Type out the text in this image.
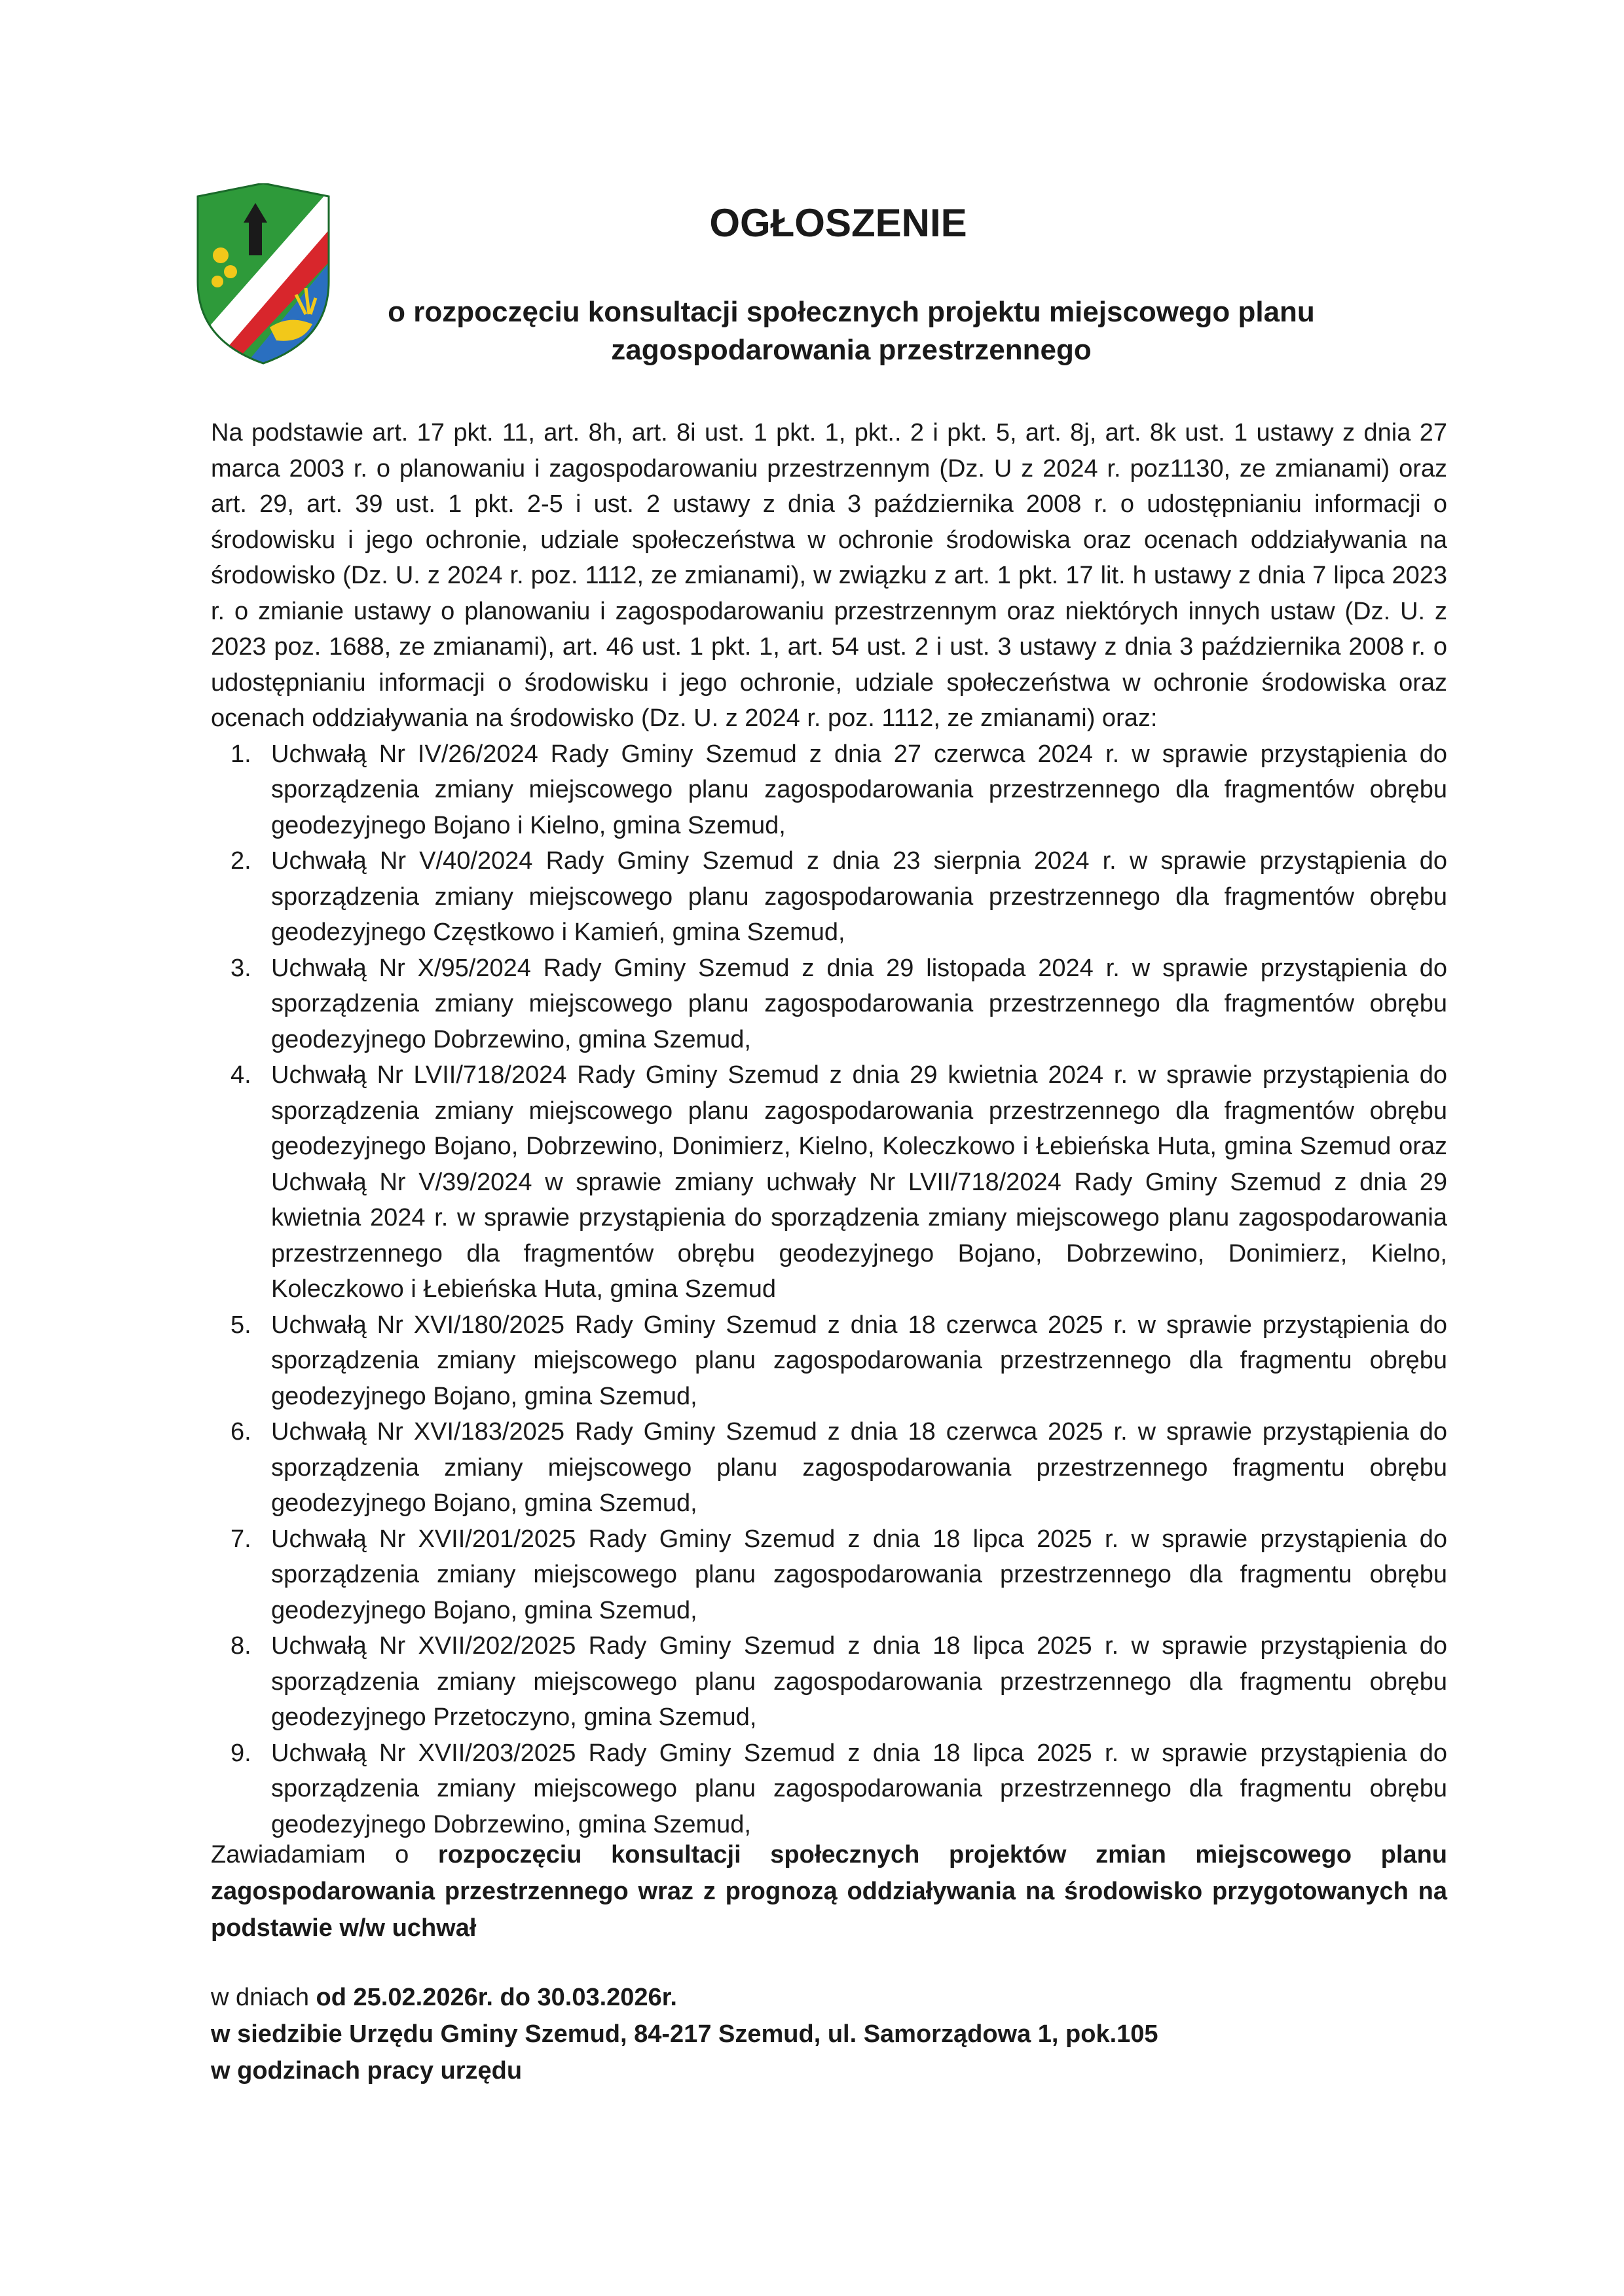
OGŁOSZENIE
o rozpoczęciu konsultacji społecznych projektu miejscowego planu
zagospodarowania przestrzennego

Na podstawie art. 17 pkt. 11, art. 8h, art. 8i ust. 1 pkt. 1, pkt.. 2 i pkt. 5, art. 8j, art. 8k ust. 1 ustawy z dnia 27 marca 2003 r. o planowaniu i zagospodarowaniu przestrzennym (Dz. U z 2024 r. poz1130, ze zmianami) oraz art. 29, art. 39 ust. 1 pkt. 2-5 i ust. 2 ustawy z dnia 3 października 2008 r. o udostępnianiu informacji o środowisku i jego ochronie, udziale społeczeństwa w ochronie środowiska oraz ocenach oddziaływania na środowisko (Dz. U. z 2024 r. poz. 1112, ze zmianami), w związku z art. 1 pkt. 17 lit. h ustawy z dnia 7 lipca 2023 r. o zmianie ustawy o planowaniu i zagospodarowaniu przestrzennym oraz niektórych innych ustaw (Dz. U. z 2023 poz. 1688, ze zmianami), art. 46 ust. 1 pkt. 1, art. 54 ust. 2 i ust. 3 ustawy z dnia 3 października 2008 r. o udostępnianiu informacji o środowisku i jego ochronie, udziale społeczeństwa w ochronie środowiska oraz ocenach oddziaływania na środowisko (Dz. U. z 2024 r. poz. 1112, ze zmianami) oraz:

1. Uchwałą Nr IV/26/2024 Rady Gminy Szemud z dnia 27 czerwca 2024 r. w sprawie przystąpienia do sporządzenia zmiany miejscowego planu zagospodarowania przestrzennego dla fragmentów obrębu geodezyjnego Bojano i Kielno, gmina Szemud,
2. Uchwałą Nr V/40/2024 Rady Gminy Szemud z dnia 23 sierpnia 2024 r. w sprawie przystąpienia do sporządzenia zmiany miejscowego planu zagospodarowania przestrzennego dla fragmentów obrębu geodezyjnego Częstkowo i Kamień, gmina Szemud,
3. Uchwałą Nr X/95/2024 Rady Gminy Szemud z dnia 29 listopada 2024 r. w sprawie przystąpienia do sporządzenia zmiany miejscowego planu zagospodarowania przestrzennego dla fragmentów obrębu geodezyjnego Dobrzewino, gmina Szemud,
4. Uchwałą Nr LVII/718/2024 Rady Gminy Szemud z dnia 29 kwietnia 2024 r. w sprawie przystąpienia do sporządzenia zmiany miejscowego planu zagospodarowania przestrzennego dla fragmentów obrębu geodezyjnego Bojano, Dobrzewino, Donimierz, Kielno, Koleczkowo i Łebieńska Huta, gmina Szemud oraz Uchwałą Nr V/39/2024 w sprawie zmiany uchwały Nr LVII/718/2024 Rady Gminy Szemud z dnia 29 kwietnia 2024 r. w sprawie przystąpienia do sporządzenia zmiany miejscowego planu zagospodarowania przestrzennego dla fragmentów obrębu geodezyjnego Bojano, Dobrzewino, Donimierz, Kielno, Koleczkowo i Łebieńska Huta, gmina Szemud
5. Uchwałą Nr XVI/180/2025 Rady Gminy Szemud z dnia 18 czerwca 2025 r. w sprawie przystąpienia do sporządzenia zmiany miejscowego planu zagospodarowania przestrzennego dla fragmentu obrębu geodezyjnego Bojano, gmina Szemud,
6. Uchwałą Nr XVI/183/2025 Rady Gminy Szemud z dnia 18 czerwca 2025 r. w sprawie przystąpienia do sporządzenia zmiany miejscowego planu zagospodarowania przestrzennego fragmentu obrębu geodezyjnego Bojano, gmina Szemud,
7. Uchwałą Nr XVII/201/2025 Rady Gminy Szemud z dnia 18 lipca 2025 r. w sprawie przystąpienia do sporządzenia zmiany miejscowego planu zagospodarowania przestrzennego dla fragmentu obrębu geodezyjnego Bojano, gmina Szemud,
8. Uchwałą Nr XVII/202/2025 Rady Gminy Szemud z dnia 18 lipca 2025 r. w sprawie przystąpienia do sporządzenia zmiany miejscowego planu zagospodarowania przestrzennego dla fragmentu obrębu geodezyjnego Przetoczyno, gmina Szemud,
9. Uchwałą Nr XVII/203/2025 Rady Gminy Szemud z dnia 18 lipca 2025 r. w sprawie przystąpienia do sporządzenia zmiany miejscowego planu zagospodarowania przestrzennego dla fragmentu obrębu geodezyjnego Dobrzewino, gmina Szemud,
Zawiadamiam o rozpoczęciu konsultacji społecznych projektów zmian miejscowego planu zagospodarowania przestrzennego wraz z prognozą oddziaływania na środowisko przygotowanych na podstawie w/w uchwał
w dniach od 25.02.2026r. do 30.03.2026r.
w siedzibie Urzędu Gminy Szemud, 84-217 Szemud, ul. Samorządowa 1, pok.105
w godzinach pracy urzędu
